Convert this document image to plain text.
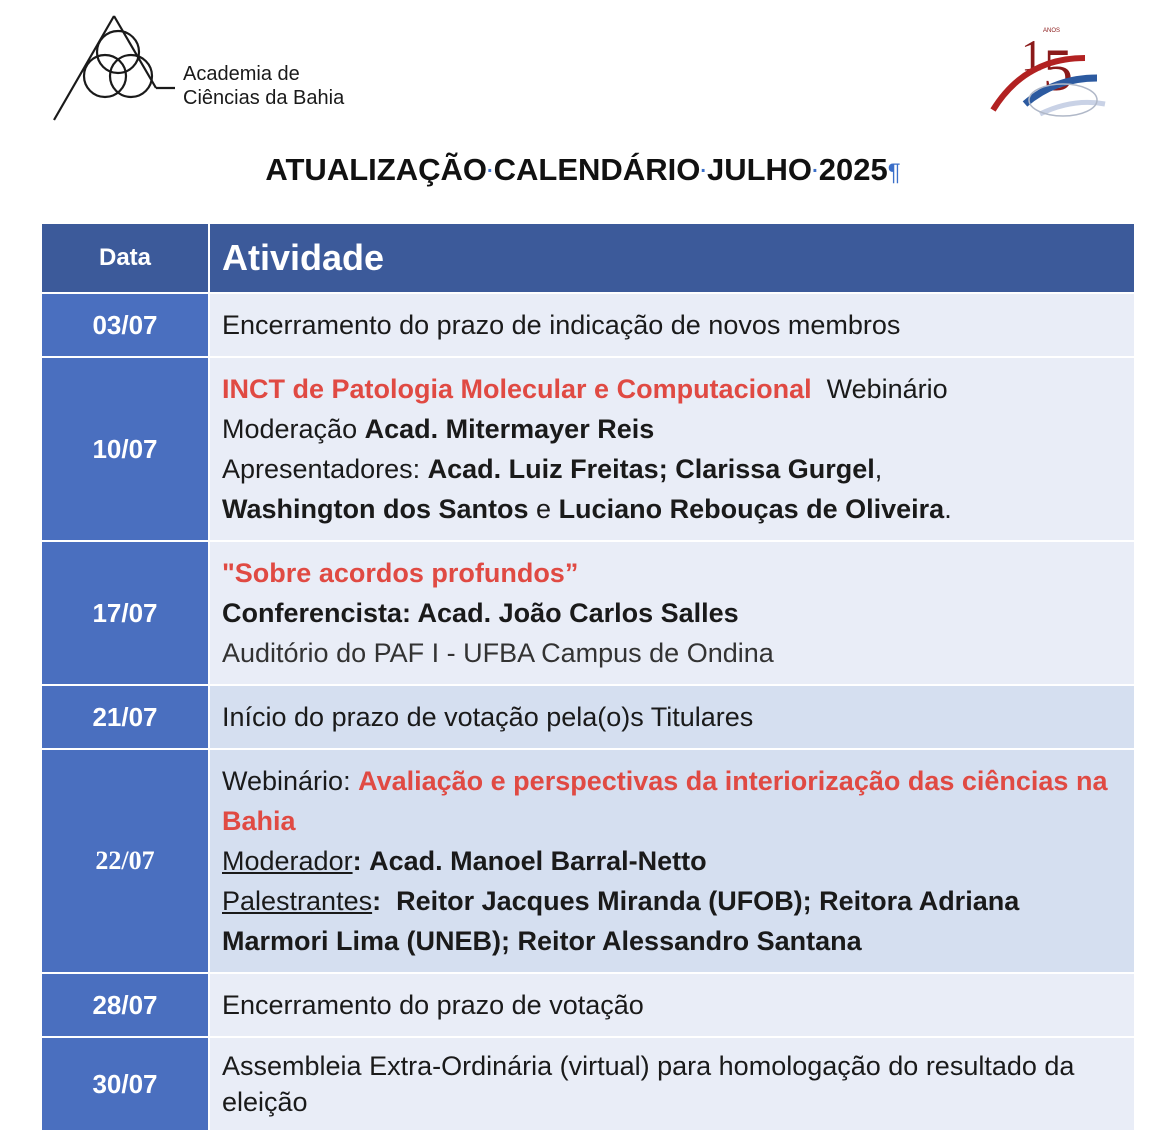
Academia de
Ciências da Bahia
1 5
ANOS
ATUALIZAÇÃO·CALENDÁRIO·JULHO·2025¶
Data	Atividade
03/07	Encerramento do prazo de indicação de novos membros
10/07	INCT de Patologia Molecular e Computacional Webinário
Moderação Acad. Mitermayer Reis
Apresentadores: Acad. Luiz Freitas; Clarissa Gurgel,
Washington dos Santos e Luciano Rebouças de Oliveira.

17/07	"Sobre acordos profundos”
Conferencista: Acad. João Carlos Salles
Auditório do PAF I - UFBA Campus de Ondina

21/07	Início do prazo de votação pela(o)s Titulares
22/07	Webinário: Avaliação e perspectivas da interiorização das ciências na Bahia
Moderador: Acad. Manoel Barral-Netto
Palestrantes: Reitor Jacques Miranda (UFOB); Reitora Adriana Marmori Lima (UNEB); Reitor Alessandro Santana
28/07	Encerramento do prazo de votação
30/07	Assembleia Extra-Ordinária (virtual) para homologação do resultado da eleição
